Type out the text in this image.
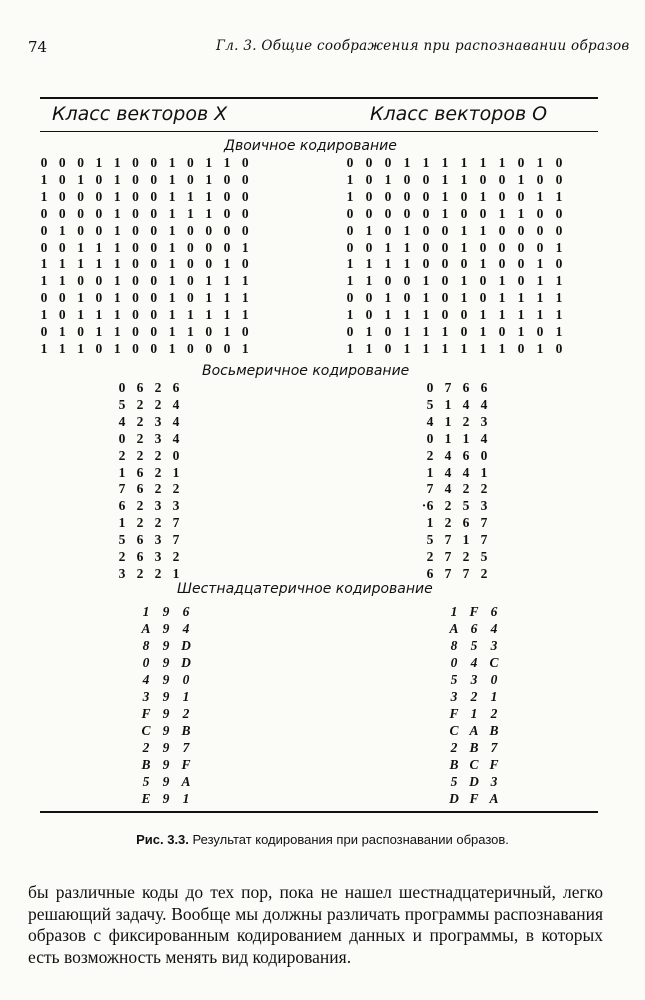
74	Гл. 3. Общие соображения при распознавании образов
Класс векторов X	Класс векторов O
Двоичное кодирование
Восьмеричное кодирование
Шестнадцатеричное кодирование
0 0 0 1 1 0 0 1 0 1 1 0
1 0 1 0 1 0 0 1 0 1 0 0
1 0 0 0 1 0 0 1 1 1 0 0
0 0 0 0 1 0 0 1 1 1 0 0
0 1 0 0 1 0 0 1 0 0 0 0
0 0 1 1 1 0 0 1 0 0 0 1
1 1 1 1 1 0 0 1 0 0 1 0
1 1 0 0 1 0 0 1 0 1 1 1
0 0 1 0 1 0 0 1 0 1 1 1
1 0 1 1 1 0 0 1 1 1 1 1
0 1 0 1 1 0 0 1 1 0 1 0
1 1 1 0 1 0 0 1 0 0 0 1
0 0 0 1 1 1 1 1 1 0 1 0
1 0 1 0 0 1 1 0 0 1 0 0
1 0 0 0 0 1 0 1 0 0 1 1
0 0 0 0 0 1 0 0 1 1 0 0
0 1 0 1 0 0 1 1 0 0 0 0
0 0 1 1 0 0 1 0 0 0 0 1
1 1 1 1 0 0 0 1 0 0 1 0
1 1 0 0 1 0 1 0 1 0 1 1
0 0 1 0 1 0 1 0 1 1 1 1
1 0 1 1 1 0 0 1 1 1 1 1
0 1 0 1 1 1 0 1 0 1 0 1
1 1 0 1 1 1 1 1 1 0 1 0
0 6 2 6
5 2 2 4
4 2 3 4
0 2 3 4
2 2 2 0
1 6 2 1
7 6 2 2
6 2 3 3
1 2 2 7
5 6 3 7
2 6 3 2
3 2 2 1
0 7 6 6
5 1 4 4
4 1 2 3
0 1 1 4
2 4 6 0
1 4 4 1
7 4 2 2
· 6 2 5 3
1 2 6 7
5 7 1 7
2 7 2 5
6 7 7 2
1 9 6
A 9 4
8 9 D
0 9 D
4 9 0
3 9 1
F 9 2
C 9 B
2 9 7
B 9 F
5 9 A
E 9 1
1 F 6
A 6 4
8 5 3
0 4 C
5 3 0
3 2 1
F 1 2
C A B
2 B 7
B C F
5 D 3
D F A
Рис. 3.3. Результат кодирования при распознавании образов.
бы различные коды до тех пор, пока не нашел шестнадцатеричный, легко решающий задачу. Вообще мы должны различать программы распознавания образов с фиксированным кодированием данных и программы, в которых есть возможность менять вид кодирования.
